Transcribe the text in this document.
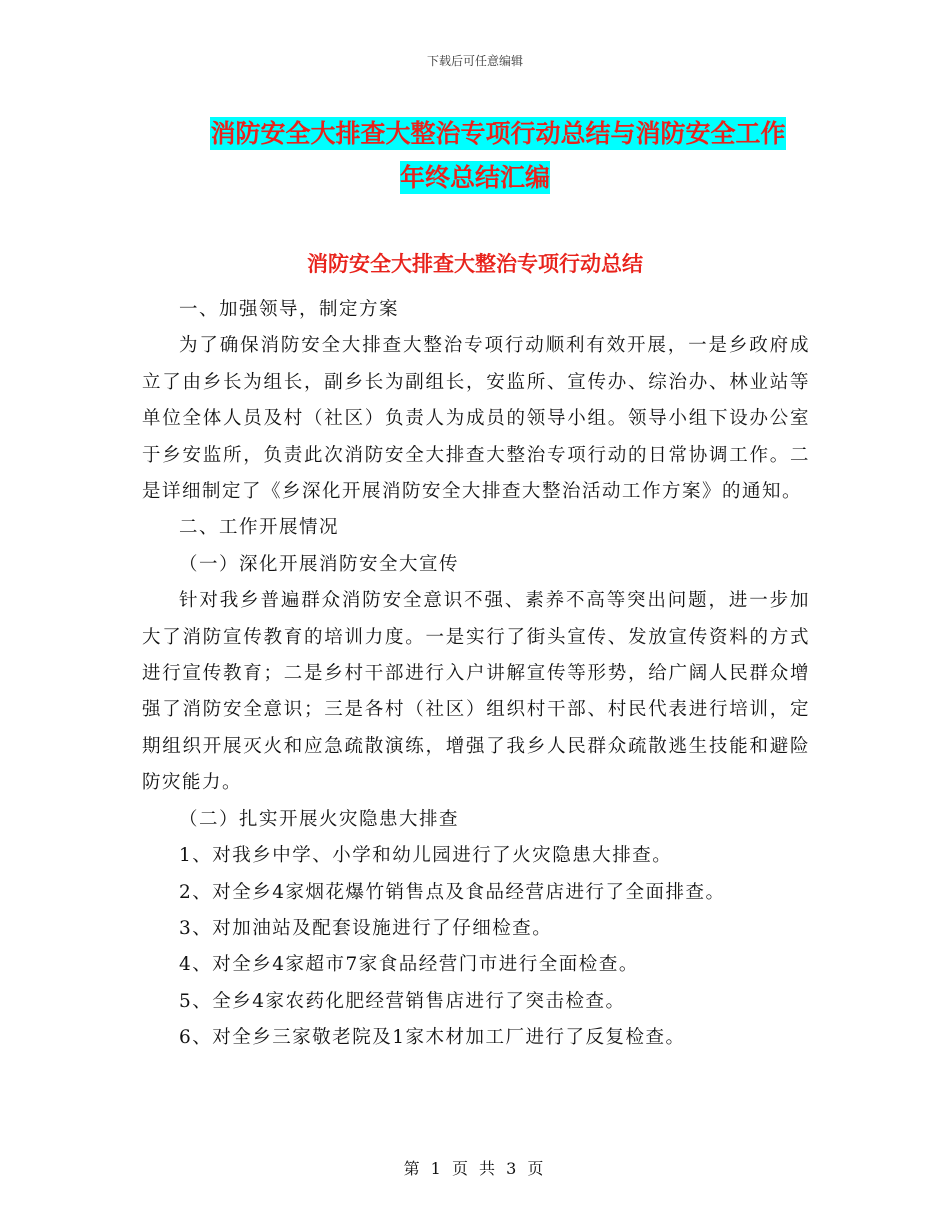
下载后可任意编辑
消防安全大排查大整治专项行动总结与消防安全工作
年终总结汇编
消防安全大排查大整治专项行动总结

一、加强领导，制定方案

为了确保消防安全大排查大整治专项行动顺利有效开展，一是乡政府成立了由乡长为组长，副乡长为副组长，安监所、宣传办、综治办、林业站等单位全体人员及村（社区）负责人为成员的领导小组。领导小组下设办公室于乡安监所，负责此次消防安全大排查大整治专项行动的日常协调工作。二是详细制定了《乡深化开展消防安全大排查大整治活动工作方案》的通知。

二、工作开展情况

（一）深化开展消防安全大宣传

针对我乡普遍群众消防安全意识不强、素养不高等突出问题，进一步加大了消防宣传教育的培训力度。一是实行了街头宣传、发放宣传资料的方式进行宣传教育；二是乡村干部进行入户讲解宣传等形势，给广阔人民群众增强了消防安全意识；三是各村（社区）组织村干部、村民代表进行培训，定期组织开展灭火和应急疏散演练，增强了我乡人民群众疏散逃生技能和避险防灾能力。

（二）扎实开展火灾隐患大排查

1、对我乡中学、小学和幼儿园进行了火灾隐患大排查。

2、对全乡4家烟花爆竹销售点及食品经营店进行了全面排查。

3、对加油站及配套设施进行了仔细检查。

4、对全乡4家超市7家食品经营门市进行全面检查。

5、全乡4家农药化肥经营销售店进行了突击检查。

6、对全乡三家敬老院及1家木材加工厂进行了反复检查。

第 1 页 共 3 页
